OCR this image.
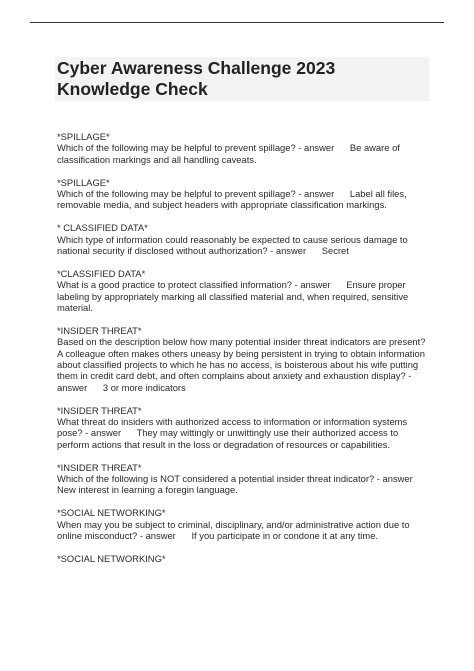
Cyber Awareness Challenge 2023
Knowledge Check
*SPILLAGE*
Which of the following may be helpful to prevent spillage? - answer Be aware of classification markings and all handling caveats.
*SPILLAGE*
Which of the following may be helpful to prevent spillage? - answer Label all files, removable media, and subject headers with appropriate classification markings.
* CLASSIFIED DATA*
Which type of information could reasonably be expected to cause serious damage to national security if disclosed without authorization? - answer Secret
*CLASSIFIED DATA*
What is a good practice to protect classified information? - answer Ensure proper labeling by appropriately marking all classified material and, when required, sensitive material.
*INSIDER THREAT*
Based on the description below how many potential insider threat indicators are present? A colleague often makes others uneasy by being persistent in trying to obtain information about classified projects to which he has no access, is boisterous about his wife putting them in credit card debt, and often complains about anxiety and exhaustion display? - answer 3 or more indicators
*INSIDER THREAT*
What threat do insiders with authorized access to information or information systems pose? - answer They may wittingly or unwittingly use their authorized access to perform actions that result in the loss or degradation of resources or capabilities.
*INSIDER THREAT*
Which of the following is NOT considered a potential insider threat indicator? - answer
New interest in learning a foregin language.
*SOCIAL NETWORKING*
When may you be subject to criminal, disciplinary, and/or administrative action due to online misconduct? - answer If you participate in or condone it at any time.
*SOCIAL NETWORKING*
